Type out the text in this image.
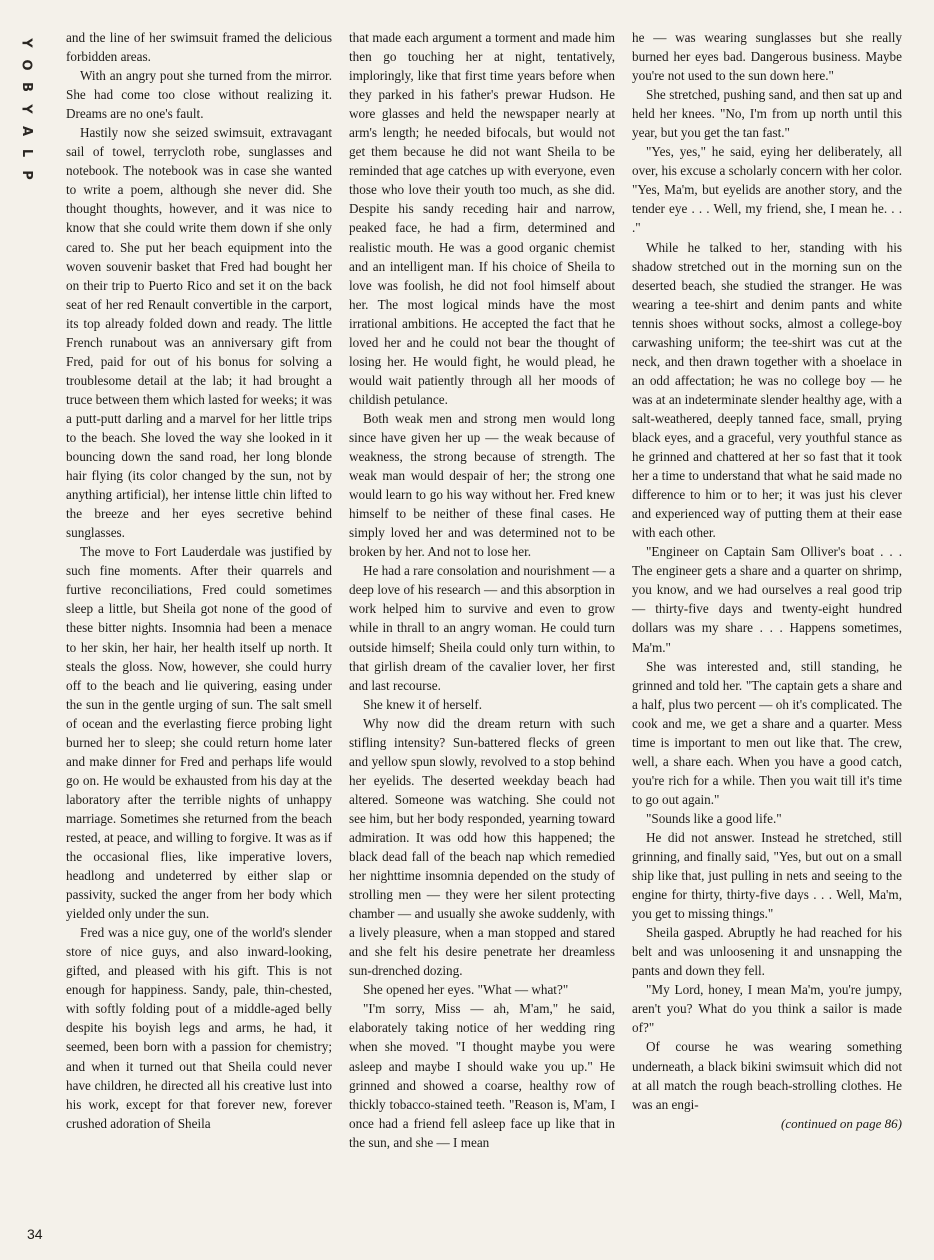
Y
O
B
Y
A
L
P

and the line of her swimsuit framed the delicious forbidden areas.

With an angry pout she turned from the mirror. She had come too close without realizing it. Dreams are no one's fault.

Hastily now she seized swimsuit, extravagant sail of towel, terrycloth robe, sunglasses and notebook. The notebook was in case she wanted to write a poem, although she never did. She thought thoughts, however, and it was nice to know that she could write them down if she only cared to. She put her beach equipment into the woven souvenir basket that Fred had bought her on their trip to Puerto Rico and set it on the back seat of her red Renault convertible in the carport, its top already folded down and ready. The little French runabout was an anniversary gift from Fred, paid for out of his bonus for solving a troublesome detail at the lab; it had brought a truce between them which lasted for weeks; it was a putt-putt darling and a marvel for her little trips to the beach. She loved the way she looked in it bouncing down the sand road, her long blonde hair flying (its color changed by the sun, not by anything artificial), her intense little chin lifted to the breeze and her eyes secretive behind sunglasses.

The move to Fort Lauderdale was justified by such fine moments. After their quarrels and furtive reconciliations, Fred could sometimes sleep a little, but Sheila got none of the good of these bitter nights. Insomnia had been a menace to her skin, her hair, her health itself up north. It steals the gloss. Now, however, she could hurry off to the beach and lie quivering, easing under the sun in the gentle urging of sun. The salt smell of ocean and the everlasting fierce probing light burned her to sleep; she could return home later and make dinner for Fred and perhaps life would go on. He would be exhausted from his day at the laboratory after the terrible nights of unhappy marriage. Sometimes she returned from the beach rested, at peace, and willing to forgive. It was as if the occasional flies, like imperative lovers, headlong and undeterred by either slap or passivity, sucked the anger from her body which yielded only under the sun.

Fred was a nice guy, one of the world's slender store of nice guys, and also inward-looking, gifted, and pleased with his gift. This is not enough for happiness. Sandy, pale, thin-chested, with softly folding pout of a middle-aged belly despite his boyish legs and arms, he had, it seemed, been born with a passion for chemistry; and when it turned out that Sheila could never have children, he directed all his creative lust into his work, except for that forever new, forever crushed adoration of Sheila

that made each argument a torment and made him then go touching her at night, tentatively, imploringly, like that first time years before when they parked in his father's prewar Hudson. He wore glasses and held the newspaper nearly at arm's length; he needed bifocals, but would not get them because he did not want Sheila to be reminded that age catches up with everyone, even those who love their youth too much, as she did. Despite his sandy receding hair and narrow, peaked face, he had a firm, determined and realistic mouth. He was a good organic chemist and an intelligent man. If his choice of Sheila to love was foolish, he did not fool himself about her. The most logical minds have the most irrational ambitions. He accepted the fact that he loved her and he could not bear the thought of losing her. He would fight, he would plead, he would wait patiently through all her moods of childish petulance.

Both weak men and strong men would long since have given her up — the weak because of weakness, the strong because of strength. The weak man would despair of her; the strong one would learn to go his way without her. Fred knew himself to be neither of these final cases. He simply loved her and was determined not to be broken by her. And not to lose her.

He had a rare consolation and nourishment — a deep love of his research — and this absorption in work helped him to survive and even to grow while in thrall to an angry woman. He could turn outside himself; Sheila could only turn within, to that girlish dream of the cavalier lover, her first and last recourse.

She knew it of herself.

Why now did the dream return with such stifling intensity? Sun-battered flecks of green and yellow spun slowly, revolved to a stop behind her eyelids. The deserted weekday beach had altered. Someone was watching. She could not see him, but her body responded, yearning toward admiration. It was odd how this happened; the black dead fall of the beach nap which remedied her nighttime insomnia depended on the study of strolling men — they were her silent protecting chamber — and usually she awoke suddenly, with a lively pleasure, when a man stopped and stared and she felt his desire penetrate her dreamless sun-drenched dozing.

She opened her eyes. "What — what?"

"I'm sorry, Miss — ah, M'am," he said, elaborately taking notice of her wedding ring when she moved. "I thought maybe you were asleep and maybe I should wake you up." He grinned and showed a coarse, healthy row of thickly tobacco-stained teeth. "Reason is, M'am, I once had a friend fell asleep face up like that in the sun, and she — I mean

he — was wearing sunglasses but she really burned her eyes bad. Dangerous business. Maybe you're not used to the sun down here."

She stretched, pushing sand, and then sat up and held her knees. "No, I'm from up north until this year, but you get the tan fast."

"Yes, yes," he said, eying her deliberately, all over, his excuse a scholarly concern with her color. "Yes, Ma'm, but eyelids are another story, and the tender eye . . . Well, my friend, she, I mean he. . . ."

While he talked to her, standing with his shadow stretched out in the morning sun on the deserted beach, she studied the stranger. He was wearing a tee-shirt and denim pants and white tennis shoes without socks, almost a college-boy carwashing uniform; the tee-shirt was cut at the neck, and then drawn together with a shoelace in an odd affectation; he was no college boy — he was at an indeterminate slender healthy age, with a salt-weathered, deeply tanned face, small, prying black eyes, and a graceful, very youthful stance as he grinned and chattered at her so fast that it took her a time to understand that what he said made no difference to him or to her; it was just his clever and experienced way of putting them at their ease with each other.

"Engineer on Captain Sam Olliver's boat . . . The engineer gets a share and a quarter on shrimp, you know, and we had ourselves a real good trip — thirty-five days and twenty-eight hundred dollars was my share . . . Happens sometimes, Ma'm."

She was interested and, still standing, he grinned and told her. "The captain gets a share and a half, plus two percent — oh it's complicated. The cook and me, we get a share and a quarter. Mess time is important to men out like that. The crew, well, a share each. When you have a good catch, you're rich for a while. Then you wait till it's time to go out again."

"Sounds like a good life."

He did not answer. Instead he stretched, still grinning, and finally said, "Yes, but out on a small ship like that, just pulling in nets and seeing to the engine for thirty, thirty-five days . . . Well, Ma'm, you get to missing things."

Sheila gasped. Abruptly he had reached for his belt and was unloosening it and unsnapping the pants and down they fell.

"My Lord, honey, I mean Ma'm, you're jumpy, aren't you? What do you think a sailor is made of?"

Of course he was wearing something underneath, a black bikini swimsuit which did not at all match the rough beach-strolling clothes. He was an engi-

(continued on page 86)

34
